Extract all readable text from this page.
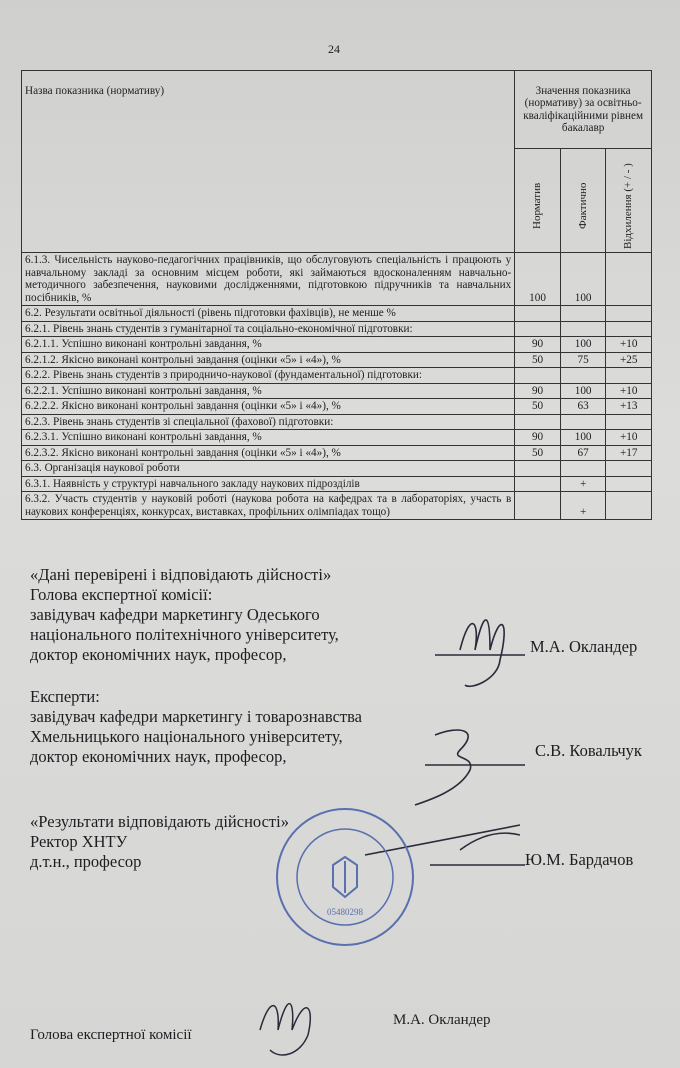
24
Назва показника (нормативу)	Значення показника (нормативу) за освітньо-кваліфікаційними рівнем бакалавр		

	Норматив	Фактично	Відхилення (+ / - )

6.1.3. Чисельність науково-педагогічних працівників, що обслуговують спеціальність і працюють у навчальному закладі за основним місцем роботи, які займаються вдосконаленням навчально-методичного забезпечення, науковими дослідженнями, підготовкою підручників та навчальних посібників, %	100	100	
6.2. Результати освітньої діяльності (рівень підготовки фахівців), не менше %			
6.2.1. Рівень знань студентів з гуманітарної та соціально-економічної підготовки:			
6.2.1.1. Успішно виконані контрольні завдання, %	90	100	+10
6.2.1.2. Якісно виконані контрольні завдання (оцінки «5» і «4»), %	50	75	+25
6.2.2. Рівень знань студентів з природничо-наукової (фундаментальної) підготовки:			
6.2.2.1. Успішно виконані контрольні завдання, %	90	100	+10
6.2.2.2. Якісно виконані контрольні завдання (оцінки «5» і «4»), %	50	63	+13
6.2.3. Рівень знань студентів зі спеціальної (фахової) підготовки:			
6.2.3.1. Успішно виконані контрольні завдання, %	90	100	+10
6.2.3.2. Якісно виконані контрольні завдання (оцінки «5» і «4»), %	50	67	+17
6.3. Організація наукової роботи			
6.3.1. Наявність у структурі навчального закладу наукових підрозділів		+	
6.3.2. Участь студентів у науковій роботі (наукова робота на кафедрах та в лабораторіях, участь в наукових конференціях, конкурсах, виставках, профільних олімпіадах тощо)		+	
«Дані перевірені і відповідають дійсності»
Голова експертної комісії:
завідувач кафедри маркетингу Одеського
національного політехнічного університету,
доктор економічних наук, професор,	М.А. Окландер
Експерти:
завідувач кафедри маркетингу і товарознавства
Хмельницького національного університету,
доктор економічних наук, професор,	С.В. Ковальчук
«Результати відповідають дійсності»
Ректор ХНТУ
д.т.н., професор	Ю.М. Бардачов
05480298
Голова експертної комісії
М.А. Окландер
